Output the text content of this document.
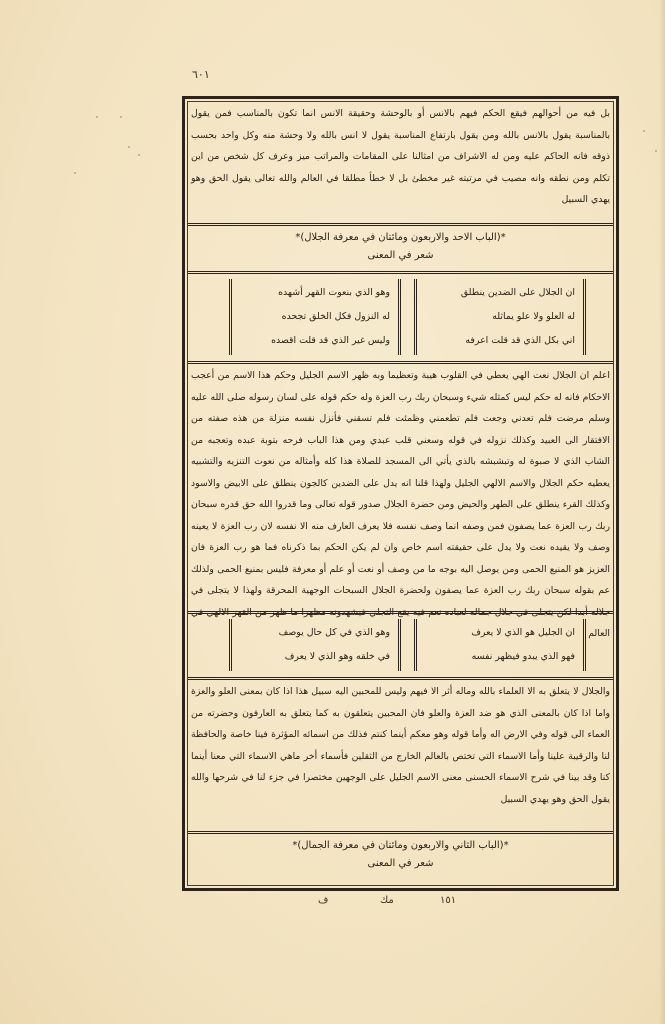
٦٠١

بل فيه من أحوالهم فيقع الحكم فيهم بالانس أو بالوحشة وحقيقة الانس انما تكون بالمناسب فمن يقول بالمناسبة يقول بالانس بالله ومن يقول بارتفاع المناسبة يقول لا انس بالله ولا وحشة منه وكل واحد بحسب ذوقه فانه الحاكم عليه ومن له الاشراف من امثالنا على المقامات والمراتب ميز وعرف كل شخص من اين تكلم ومن نطقه وانه مصيب في مرتبته غير مخطئ بل لا خطأ مطلقا في العالم والله تعالى يقول الحق وهو يهدي السبيل

*(الباب الاحد والاربعون ومائتان في معرفة الجلال)*
شعر في المعنى
ان الجلال على الضدين ينطلق
له العلو ولا علو يماثله
اني بكل الذي قد قلت اعرفه
وهو الذي بنعوت القهر أشهده
له النزول فكل الخلق تجحده
وليس غير الذي قد قلت اقصده

اعلم ان الجلال نعت الهي يعطي في القلوب هيبة وتعظيما وبه ظهر الاسم الجليل وحكم هذا الاسم من أعجب الاحكام فانه له حكم ليس كمثله شيء وسبحان ربك رب العزة وله حكم قوله على لسان رسوله صلى الله عليه وسلم مرضت فلم تعدني وجعت فلم تطعمني وظمئت فلم تسقني فأنزل نفسه منزلة من هذه صفته من الافتقار الى العبيد وكذلك نزوله في قوله وسعني قلب عبدي ومن هذا الباب فرحه بتوبة عبده وتعجبه من الشاب الذي لا صبوة له وتبشبشه بالذي يأتي الى المسجد للصلاة هذا كله وأمثاله من نعوت التنزيه والتشبيه يعطيه حكم الجلال والاسم الالهي الجليل ولهذا قلنا انه يدل على الضدين كالجون ينطلق على الابيض والاسود وكذلك القرء ينطلق على الطهر والحيض ومن حضرة الجلال صدور قوله تعالى وما قدروا الله حق قدره سبحان ربك رب العزة عما يصفون فمن وصفه انما وصف نفسه فلا يعرف العارف منه الا نفسه لان رب العزة لا يعينه وصف ولا يقيده نعت ولا يدل على حقيقته اسم خاص وان لم يكن الحكم بما ذكرناه فما هو رب العزة فان العزيز هو المنيع الحمى ومن يوصل اليه بوجه ما من وصف أو نعت أو علم أو معرفة فليس بمنيع الحمى ولذلك عم بقوله سبحان ربك رب العزة عما يصفون ولحضرة الجلال السبحات الوجهية المحرقة ولهذا لا يتجلى في جلاله أبدا لكن يتجلى في جلال جماله لعباده نعم فيه يقع التجلي فيشهدونه مظهرا ما ظهر من القهر الالهي في العالم

ان الجليل هو الذي لا يعرف
فهو الذي يبدو فيظهر نفسه
وهو الذي في كل حال يوصف
في خلقه وهو الذي لا يعرف

والجلال لا يتعلق به الا العلماء بالله وماله أثر الا فيهم وليس للمحبين اليه سبيل هذا اذا كان بمعنى العلو والعزة واما اذا كان بالمعنى الذي هو ضد العزة والعلو فان المحبين يتعلقون به كما يتعلق به العارفون وحضرته من العماء الى قوله وفي الارض اله وأما قوله وهو معكم أينما كنتم فذلك من اسمائه المؤثرة فينا خاصة والحافظة لنا والرقيبة علينا وأما الاسماء التي تختص بالعالم الخارج من الثقلين فأسماء أخر ماهي الاسماء التي معنا أينما كنا وقد بينا في شرح الاسماء الحسنى معنى الاسم الجليل على الوجهين مختصرا في جزء لنا في شرحها والله يقول الحق وهو يهدي السبيل

*(الباب الثاني والاربعون ومائتان في معرفة الجمال)*
شعر في المعنى
ف	مك	١٥١
